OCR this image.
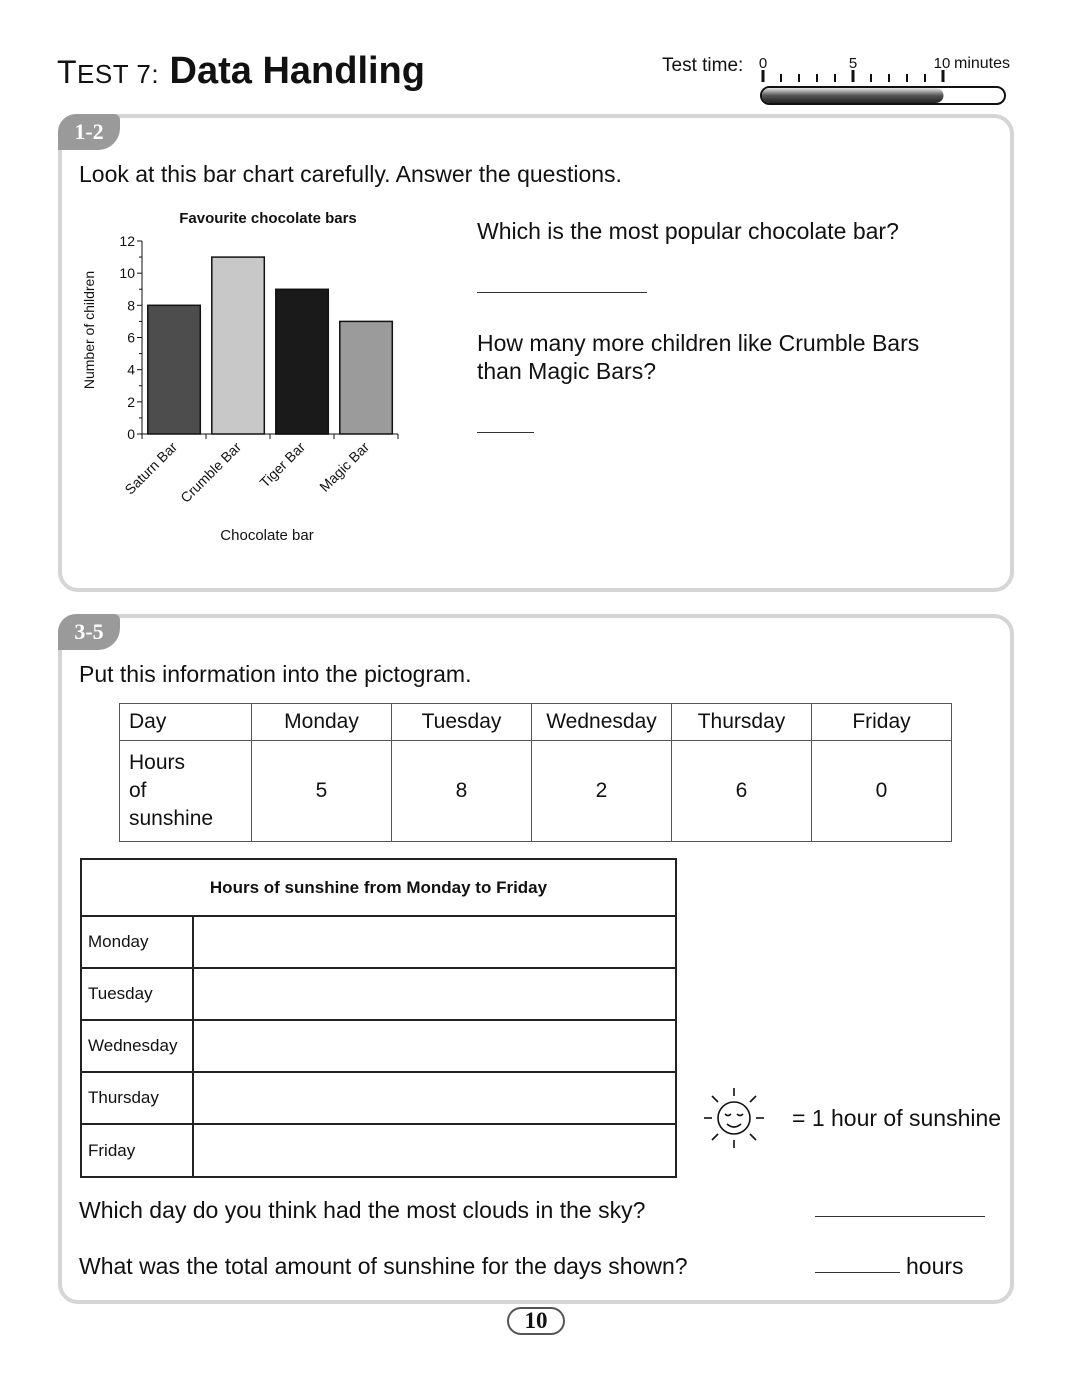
TEST 7: Data Handling	Test time: 0	5	10 minutes
1-2
Look at this bar chart carefully. Answer the questions.
Favourite chocolate bars
Number of children
Chocolate bar
0
2
4
6
8
10
12
Saturn Bar
Crumble Bar Tiger Bar Magic Bar
Which is the most popular chocolate bar?
How many more children like Crumble Bars
than Magic Bars?
3-5
Put this information into the pictogram.
Day	Monday	Tuesday	Wednesday	Thursday	Friday

Hours
of
sunshine	5	8	2	6	0
Hours of sunshine from Monday to Friday
Monday
Tuesday
Wednesday
Thursday
Friday
= 1 hour of sunshine
Which day do you think had the most clouds in the sky?
What was the total amount of sunshine for the days shown?	hours
10
